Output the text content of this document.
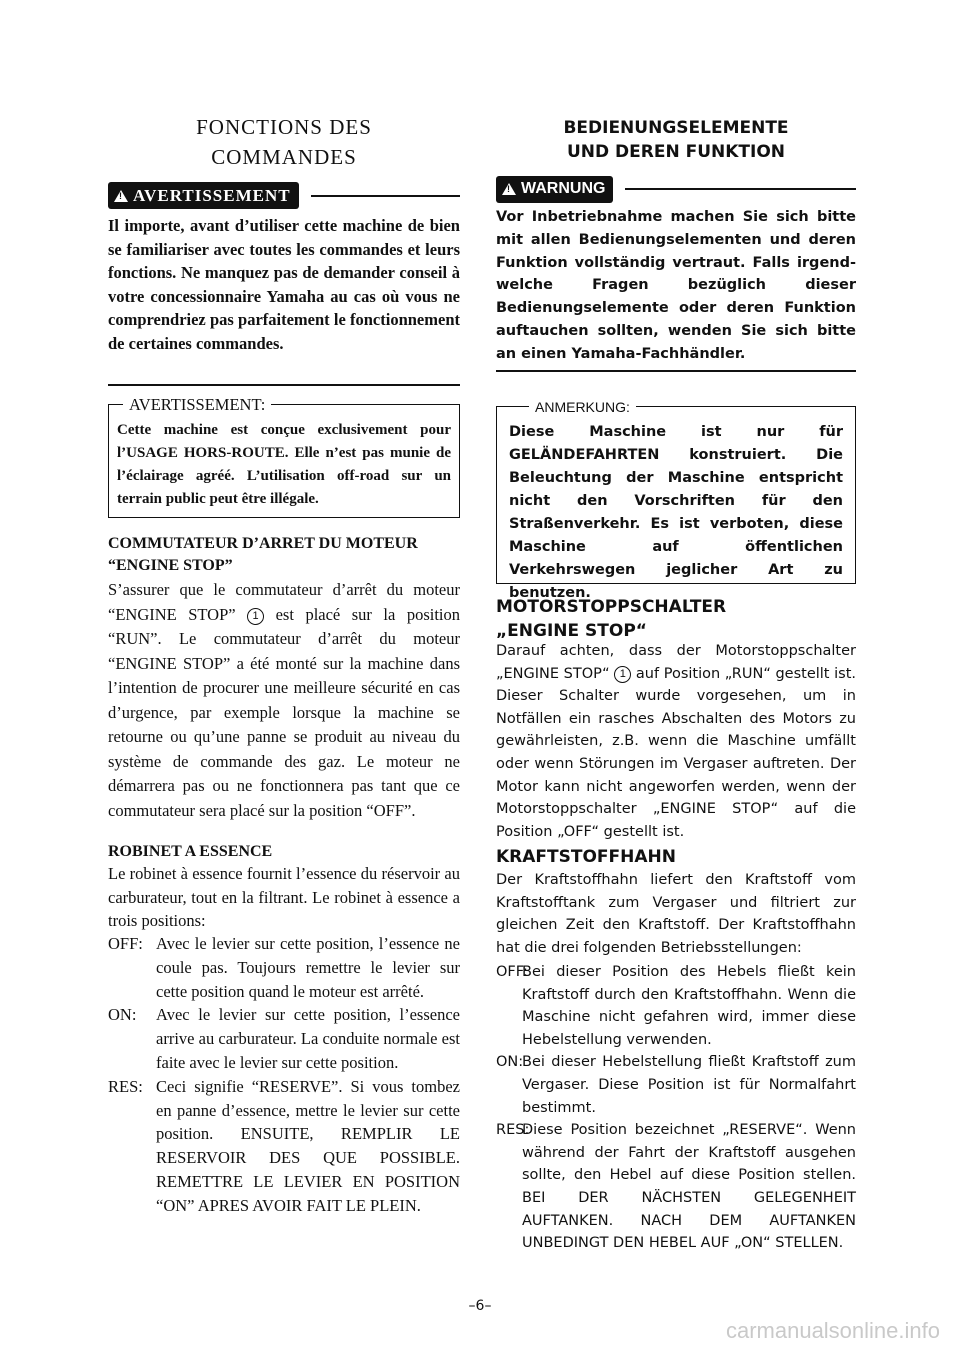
FONCTIONS DES
COMMANDES
!
AVERTISSEMENT

Il importe, avant d’utiliser cette machine de bien se familiariser avec toutes les commandes et leurs fonctions. Ne manquez pas de demander conseil à votre concessionnaire Yamaha au cas où vous ne comprendriez pas parfaitement le fonctionnement de certaines commandes.

AVERTISSEMENT:

Cette machine est conçue exclusivement pour l’USAGE HORS-ROUTE. Elle n’est pas munie de l’éclairage agréé. L’utilisation off-road sur un terrain public peut être illégale.

COMMUTATEUR D’ARRET DU MOTEUR “ENGINE STOP”

S’assurer que le commutateur d’arrêt du moteur “ENGINE STOP” 1 est placé sur la position “RUN”. Le commutateur d’arrêt du moteur “ENGINE STOP” a été monté sur la machine dans l’intention de procurer une meilleure sécurité en cas d’urgence, par exemple lorsque la machine se retourne ou qu’une panne se produit au niveau du système de commande des gaz. Le moteur ne démarrera pas ou ne fonctionnera pas tant que ce commutateur sera placé sur la position “OFF”.

ROBINET A ESSENCE

Le robinet à essence fournit l’essence du réservoir au carburateur, tout en la filtrant. Le robinet à essence a trois positions:

OFF: Avec le levier sur cette position, l’essence ne coule pas. Toujours remettre le levier sur cette position quand le moteur est arrêté.
ON:	Avec le levier sur cette position, l’essence arrive au carburateur. La conduite normale est faite avec le levier sur cette position.
RES: Ceci signifie “RESERVE”. Si vous tombez en panne d’essence, mettre le levier sur cette position. ENSUITE, REMPLIR LE RESERVOIR DES QUE POSSIBLE. REMETTRE LE LEVIER EN POSITION “ON” APRES AVOIR FAIT LE PLEIN.
BEDIENUNGSELEMENTE
UND DEREN FUNKTION
!
WARNUNG

Vor Inbetriebnahme machen Sie sich bitte mit allen Bedienungselementen und deren Funktion vollständig vertraut. Falls irgend-welche Fragen bezüglich dieser Bedienungselemente oder deren Funktion auftauchen sollten, wenden Sie sich bitte an einen Yamaha-Fachhändler.

ANMERKUNG:

Diese Maschine ist nur für GELÄNDEFAHRTEN konstruiert. Die Beleuchtung der Maschine entspricht nicht den Vorschriften für den Straßenverkehr. Es ist verboten, diese Maschine auf öffentlichen Verkehrswegen jeglicher Art zu benutzen.

MOTORSTOPPSCHALTER
„ENGINE STOP“

Darauf achten, dass der Motorstoppschalter „ENGINE STOP“ 1 auf Position „RUN“ gestellt ist. Dieser Schalter wurde vorgesehen, um in Notfällen ein rasches Abschalten des Motors zu gewährleisten, z.B. wenn die Maschine umfällt oder wenn Störungen im Vergaser auftreten. Der Motor kann nicht angeworfen werden, wenn der Motorstoppschalter „ENGINE STOP“ auf die Position „OFF“ gestellt ist.

KRAFTSTOFFHAHN

Der Kraftstoffhahn liefert den Kraftstoff vom Kraftstofftank zum Vergaser und filtriert zur gleichen Zeit den Kraftstoff. Der Kraftstoffhahn hat die drei folgenden Betriebsstellungen:

OFF:
Bei dieser Position des Hebels fließt kein Kraftstoff durch den Kraftstoffhahn. Wenn die Maschine nicht gefahren wird, immer diese Hebelstellung verwenden.
ON:
Bei dieser Hebelstellung fließt Kraftstoff zum Vergaser. Diese Position ist für Normalfahrt bestimmt.
RES:
Diese Position bezeichnet „RESERVE“. Wenn während der Fahrt der Kraftstoff ausgehen sollte, den Hebel auf diese Position stellen. BEI DER NÄCHSTEN GELEGENHEIT AUFTANKEN. NACH DEM AUFTANKEN UNBEDINGT DEN HEBEL AUF „ON“ STELLEN.
–6–
carmanualsonline.info
